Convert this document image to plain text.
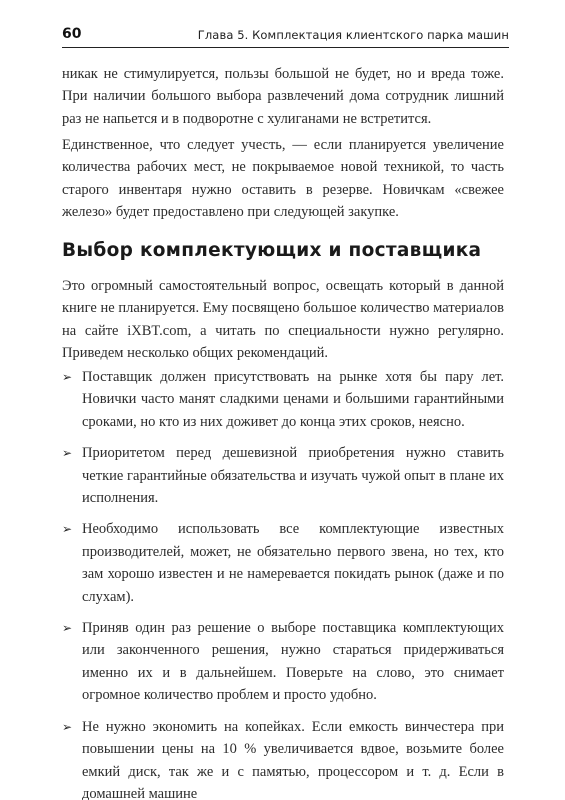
60	Глава 5. Комплектация клиентского парка машин

никак не стимулируется, пользы большой не будет, но и вреда тоже. При наличии большого выбора развлечений дома сотрудник лишний раз не напьется и в подворотне с хулиганами не встретится.

Единственное, что следует учесть, — если планируется увеличение количества рабочих мест, не покрываемое новой техникой, то часть старого инвентаря нужно оставить в резерве. Новичкам «свежее железо» будет предоставлено при следующей закупке.

Выбор комплектующих и поставщика

Это огромный самостоятельный вопрос, освещать который в данной книге не планируется. Ему посвящено большое количество материалов на сайте iXBT.com, а читать по специальности нужно регулярно. Приведем несколько общих рекомендаций.

➢ Поставщик должен присутствовать на рынке хотя бы пару лет. Новички часто манят сладкими ценами и большими гарантийными сроками, но кто из них доживет до конца этих сроков, неясно.
➢ Приоритетом перед дешевизной приобретения нужно ставить четкие гарантийные обязательства и изучать чужой опыт в плане их исполнения.
➢ Необходимо использовать все комплектующие известных производителей, может, не обязательно первого звена, но тех, кто зам хорошо известен и не намеревается покидать рынок (даже и по слухам).
➢ Приняв один раз решение о выборе поставщика комплектующих или законченного решения, нужно стараться придерживаться именно их и в дальнейшем. Поверьте на слово, это снимает огромное количество проблем и просто удобно.
➢ Не нужно экономить на копейках. Если емкость винчестера при повышении цены на 10 % увеличивается вдвое, возьмите более емкий диск, так же и с памятью, процессором и т. д. Если в домашней машине
